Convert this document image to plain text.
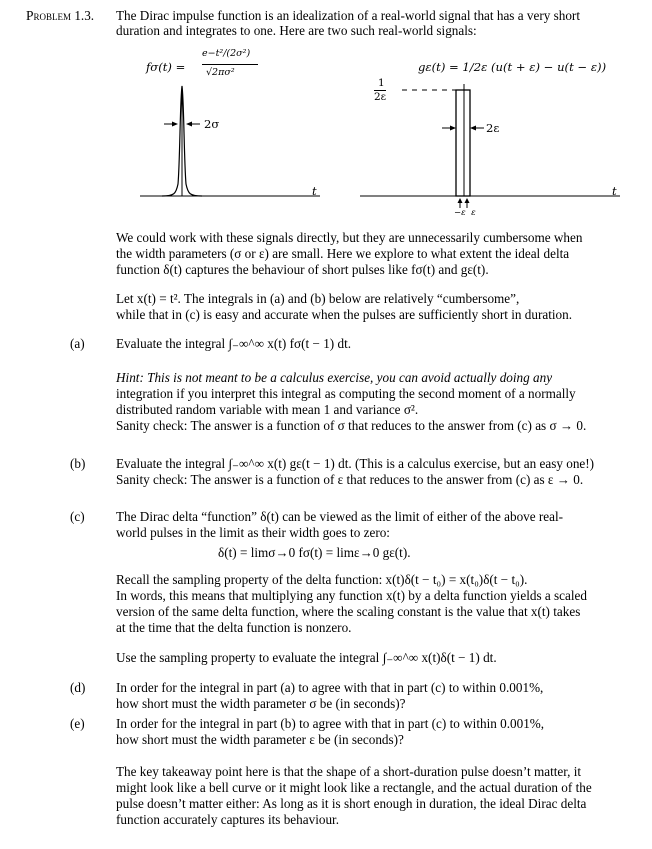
Problem 1.3. The Dirac impulse function is an idealization of a real-world signal that has a very short
duration and integrates to one. Here are two such real-world signals:
fσ(t) =
e−t²/(2σ²)
√2πσ²
2σ
t
gε(t) = 1/2ε (u(t + ε) − u(t − ε))
1
2ε
2ε
−ε  ε
t
We could work with these signals directly, but they are unnecessarily cumbersome when
the width parameters (σ or ε) are small. Here we explore to what extent the ideal delta
function δ(t) captures the behaviour of short pulses like fσ(t) and gε(t).
Let x(t) = t². The integrals in (a) and (b) below are relatively “cumbersome”,
while that in (c) is easy and accurate when the pulses are sufficiently short in duration.
(a) Evaluate the integral ∫₋∞^∞ x(t) fσ(t − 1) dt.
Hint: This is not meant to be a calculus exercise, you can avoid actually doing any
integration if you interpret this integral as computing the second moment of a normally
distributed random variable with mean 1 and variance σ².
Sanity check: The answer is a function of σ that reduces to the answer from (c) as σ → 0.
(b) Evaluate the integral ∫₋∞^∞ x(t) gε(t − 1) dt. (This is a calculus exercise, but an easy one!)
Sanity check: The answer is a function of ε that reduces to the answer from (c) as ε → 0.
(c) The Dirac delta “function” δ(t) can be viewed as the limit of either of the above real-
world pulses in the limit as their width goes to zero:
δ(t) = limσ→0 fσ(t) = limε→0 gε(t).
Recall the sampling property of the delta function: x(t)δ(t − t₀) = x(t₀)δ(t − t₀).
In words, this means that multiplying any function x(t) by a delta function yields a scaled
version of the same delta function, where the scaling constant is the value that x(t) takes
at the time that the delta function is nonzero.
Use the sampling property to evaluate the integral ∫₋∞^∞ x(t)δ(t − 1) dt.
(d) In order for the integral in part (a) to agree with that in part (c) to within 0.001%,
how short must the width parameter σ be (in seconds)?
(e) In order for the integral in part (b) to agree with that in part (c) to within 0.001%,
how short must the width parameter ε be (in seconds)?
The key takeaway point here is that the shape of a short-duration pulse doesn’t matter, it
might look like a bell curve or it might look like a rectangle, and the actual duration of the
pulse doesn’t matter either: As long as it is short enough in duration, the ideal Dirac delta
function accurately captures its behaviour.
